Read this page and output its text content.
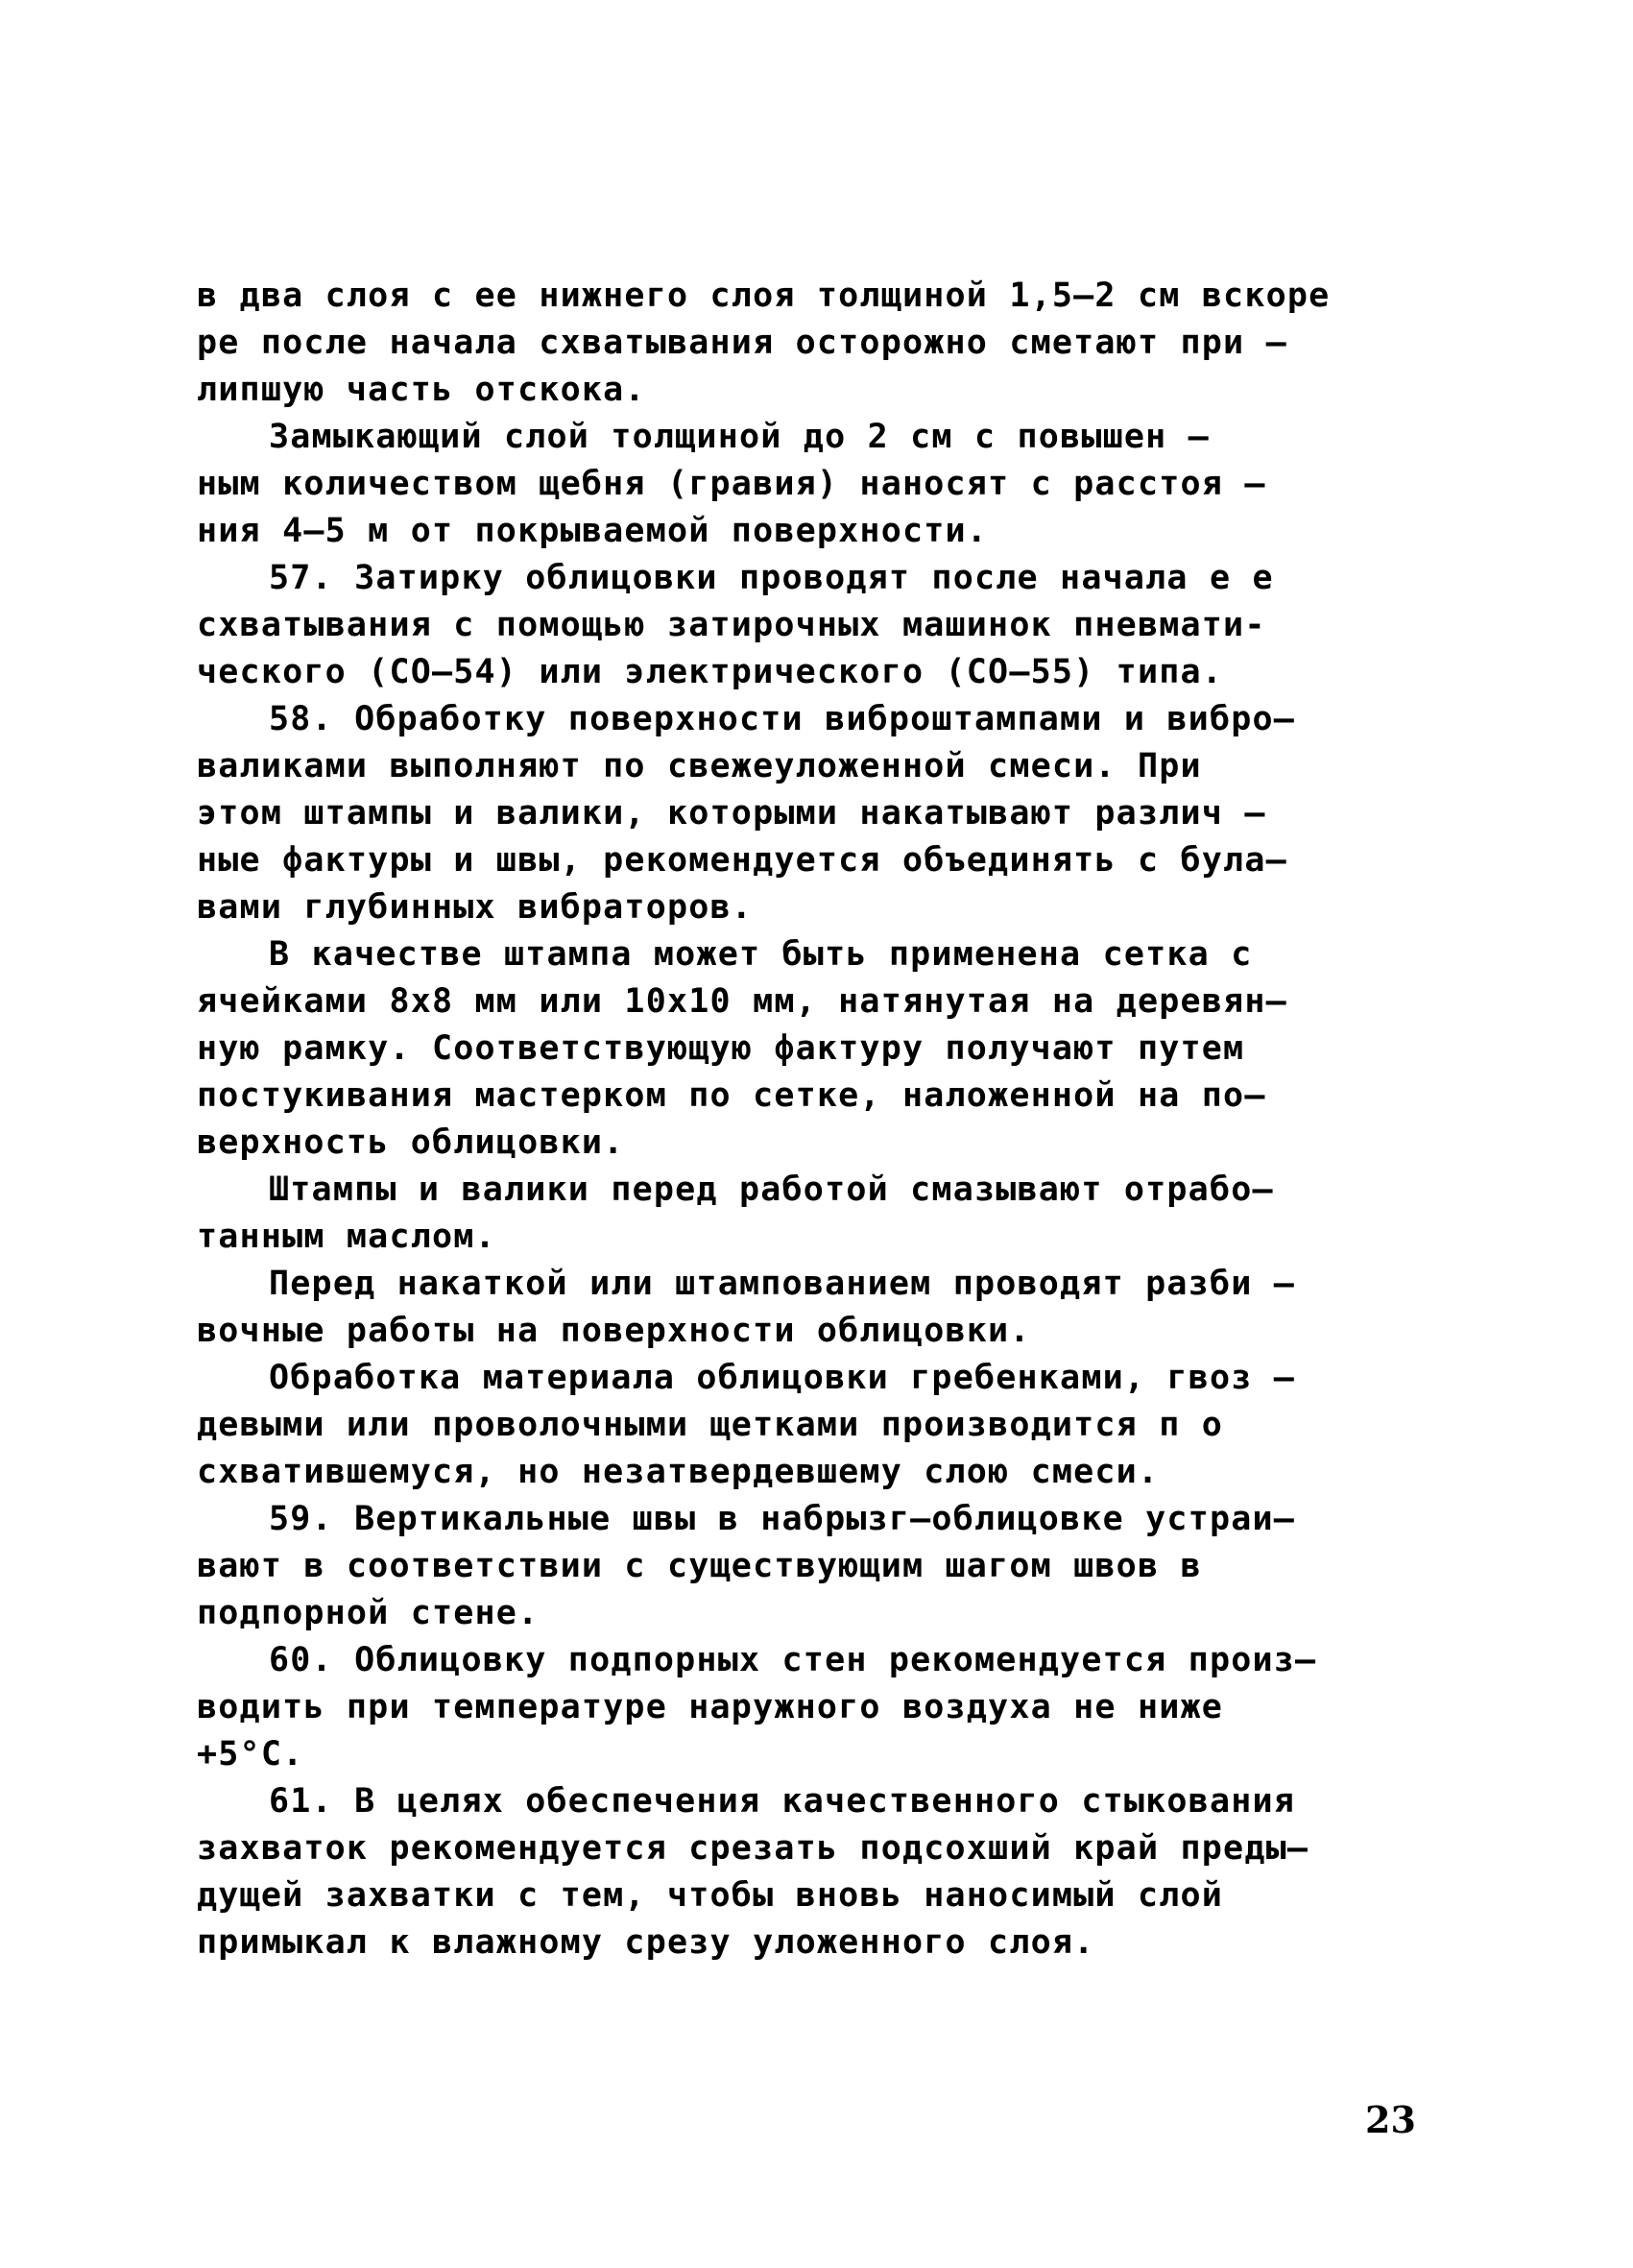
в два слоя с ее нижнего слоя толщиной 1,5–2 см вскоре
ре после начала схватывания осторожно сметают при –
липшую часть отскока.
Замыкающий слой толщиной до 2 см с повышен –
ным количеством щебня (гравия) наносят с расстоя –
ния 4–5 м от покрываемой поверхности.
57. Затирку облицовки проводят после начала е е
схватывания с помощью затирочных машинок пневмати-
ческого (СО–54) или электрического (СО–55) типа.
58. Обработку поверхности виброштампами и вибро–
валиками выполняют по свежеуложенной смеси. При
этом штампы и валики, которыми накатывают различ –
ные фактуры и швы, рекомендуется объединять с була–
вами глубинных вибраторов.
В качестве штампа может быть применена сетка с
ячейками 8x8 мм или 10x10 мм, натянутая на деревян–
ную рамку. Соответствующую фактуру получают путем
постукивания мастерком по сетке, наложенной на по–
верхность облицовки.
Штампы и валики перед работой смазывают отрабо–
танным маслом.
Перед накаткой или штампованием проводят разби –
вочные работы на поверхности облицовки.
Обработка материала облицовки гребенками, гвоз –
девыми или проволочными щетками производится п о
схватившемуся, но незатвердевшему слою смеси.
59. Вертикальные швы в набрызг–облицовке устраи–
вают в соответствии с существующим шагом швов в
подпорной стене.
60. Облицовку подпорных стен рекомендуется произ–
водить при температуре наружного воздуха не ниже
+5°С.
61. В целях обеспечения качественного стыкования
захваток рекомендуется срезать подсохший край преды–
дущей захватки с тем, чтобы вновь наносимый слой
примыкал к влажному срезу уложенного слоя.
23
